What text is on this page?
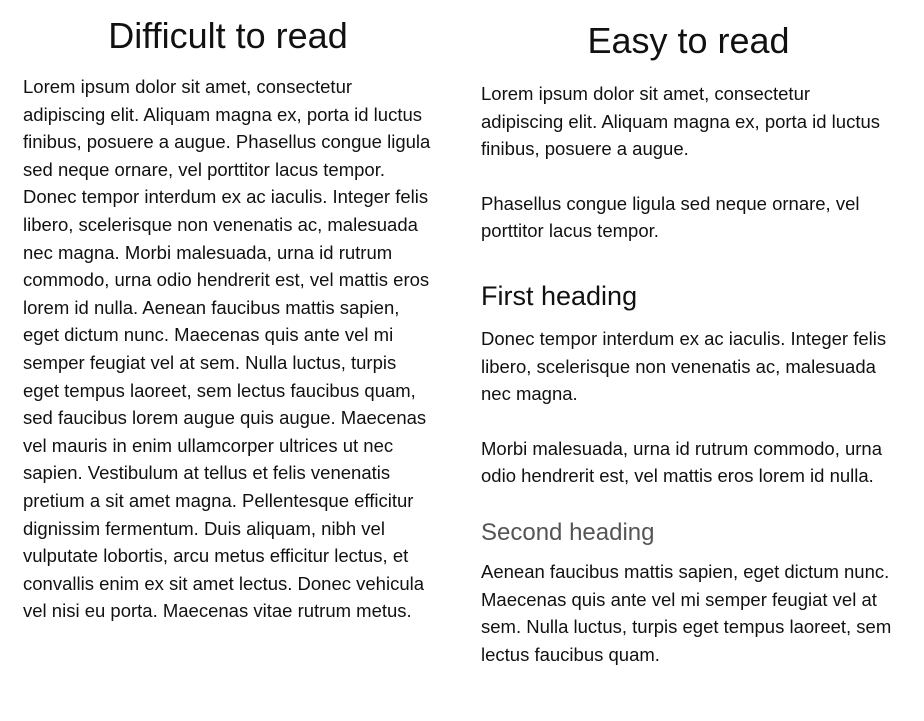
Difficult to read

Lorem ipsum dolor sit amet, consectetur adipiscing elit. Aliquam magna ex, porta id luctus finibus, posuere a augue. Phasellus congue ligula sed neque ornare, vel porttitor lacus tempor. Donec tempor interdum ex ac iaculis. Integer felis libero, scelerisque non venenatis ac, malesuada nec magna. Morbi malesuada, urna id rutrum commodo, urna odio hendrerit est, vel mattis eros lorem id nulla. Aenean faucibus mattis sapien, eget dictum nunc. Maecenas quis ante vel mi semper feugiat vel at sem. Nulla luctus, turpis eget tempus laoreet, sem lectus faucibus quam, sed faucibus lorem augue quis augue. Maecenas vel mauris in enim ullamcorper ultrices ut nec sapien. Vestibulum at tellus et felis venenatis pretium a sit amet magna. Pellentesque efficitur dignissim fermentum. Duis aliquam, nibh vel vulputate lobortis, arcu metus efficitur lectus, et convallis enim ex sit amet lectus. Donec vehicula vel nisi eu porta. Maecenas vitae rutrum metus.

Easy to read

Lorem ipsum dolor sit amet, consectetur adipiscing elit. Aliquam magna ex, porta id luctus finibus, posuere a augue.

Phasellus congue ligula sed neque ornare, vel porttitor lacus tempor.

First heading

Donec tempor interdum ex ac iaculis. Integer felis libero, scelerisque non venenatis ac, malesuada nec magna.

Morbi malesuada, urna id rutrum commodo, urna odio hendrerit est, vel mattis eros lorem id nulla.

Second heading

Aenean faucibus mattis sapien, eget dictum nunc. Maecenas quis ante vel mi semper feugiat vel at sem. Nulla luctus, turpis eget tempus laoreet, sem lectus faucibus quam.
